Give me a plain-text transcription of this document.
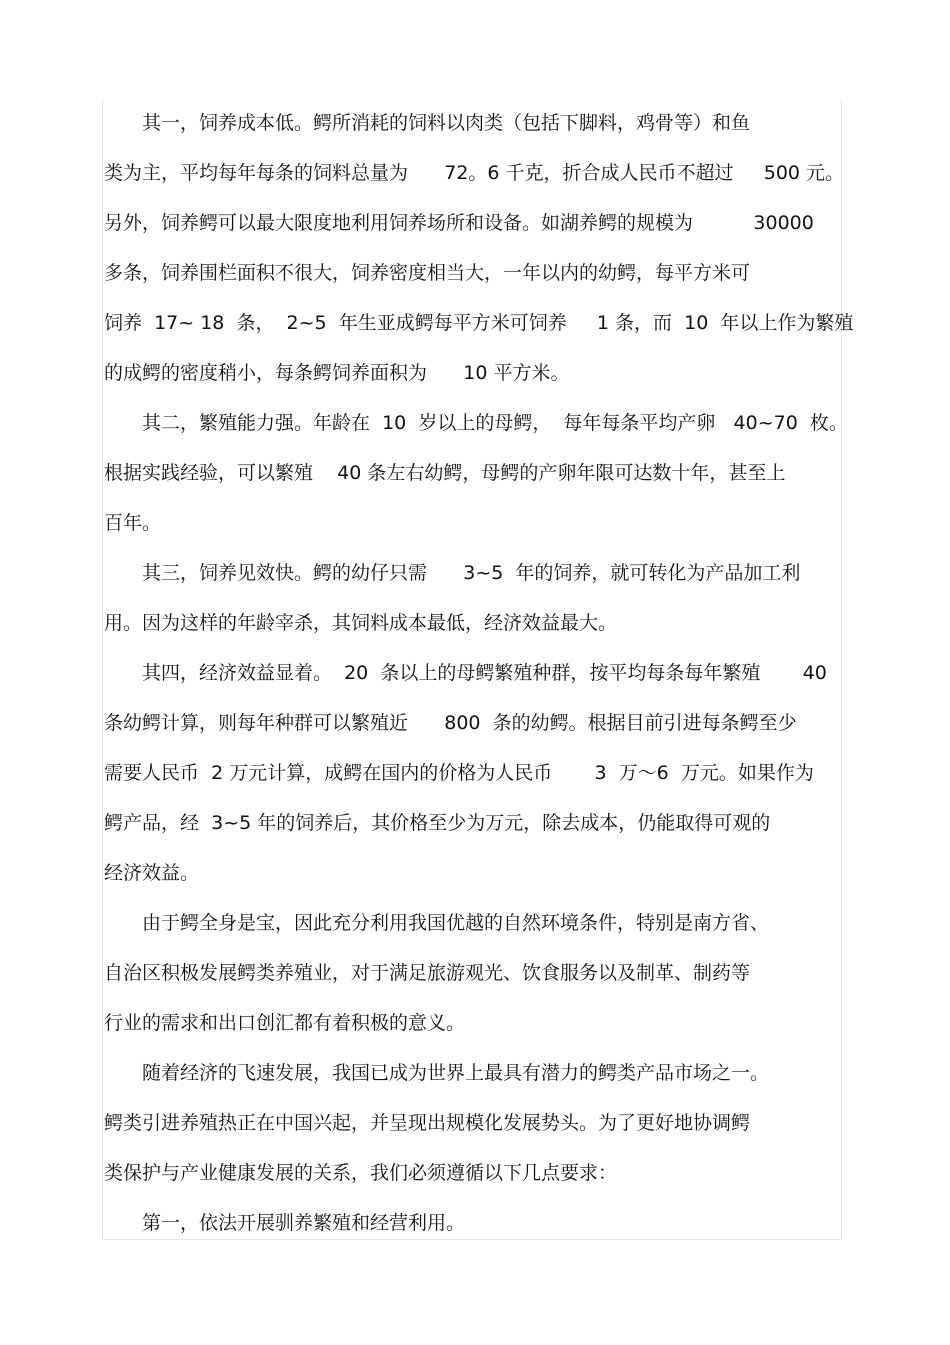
其一，饲养成本低。鳄所消耗的饲料以肉类（包括下脚料，鸡骨等）和鱼
类为主，平均每年每条的饲料总量为      72。6 千克，折合成人民币不超过     500 元。
另外，饲养鳄可以最大限度地利用饲养场所和设备。如湖养鳄的规模为          30000
多条，饲养围栏面积不很大，饲养密度相当大，一年以内的幼鳄，每平方米可
饲养  17~ 18  条，  2~5  年生亚成鳄每平方米可饲养     1 条，而  10  年以上作为繁殖
的成鳄的密度稍小，每条鳄饲养面积为      10 平方米。
其二，繁殖能力强。年龄在  10  岁以上的母鳄，  每年每条平均产卵   40~70  枚。
根据实践经验，可以繁殖    40 条左右幼鳄，母鳄的产卵年限可达数十年，甚至上
百年。
其三，饲养见效快。鳄的幼仔只需      3~5  年的饲养，就可转化为产品加工利
用。因为这样的年龄宰杀，其饲料成本最低，经济效益最大。
其四，经济效益显着。  20  条以上的母鳄繁殖种群，按平均每条每年繁殖       40
条幼鳄计算，则每年种群可以繁殖近      800  条的幼鳄。根据目前引进每条鳄至少
需要人民币  2 万元计算，成鳄在国内的价格为人民币       3  万～6  万元。如果作为
鳄产品，经  3~5 年的饲养后，其价格至少为万元，除去成本，仍能取得可观的
经济效益。
由于鳄全身是宝，因此充分利用我国优越的自然环境条件，特别是南方省、
自治区积极发展鳄类养殖业，对于满足旅游观光、饮食服务以及制革、制药等
行业的需求和出口创汇都有着积极的意义。
随着经济的飞速发展，我国已成为世界上最具有潜力的鳄类产品市场之一。
鳄类引进养殖热正在中国兴起，并呈现出规模化发展势头。为了更好地协调鳄
类保护与产业健康发展的关系，我们必须遵循以下几点要求：
第一，依法开展驯养繁殖和经营利用。
